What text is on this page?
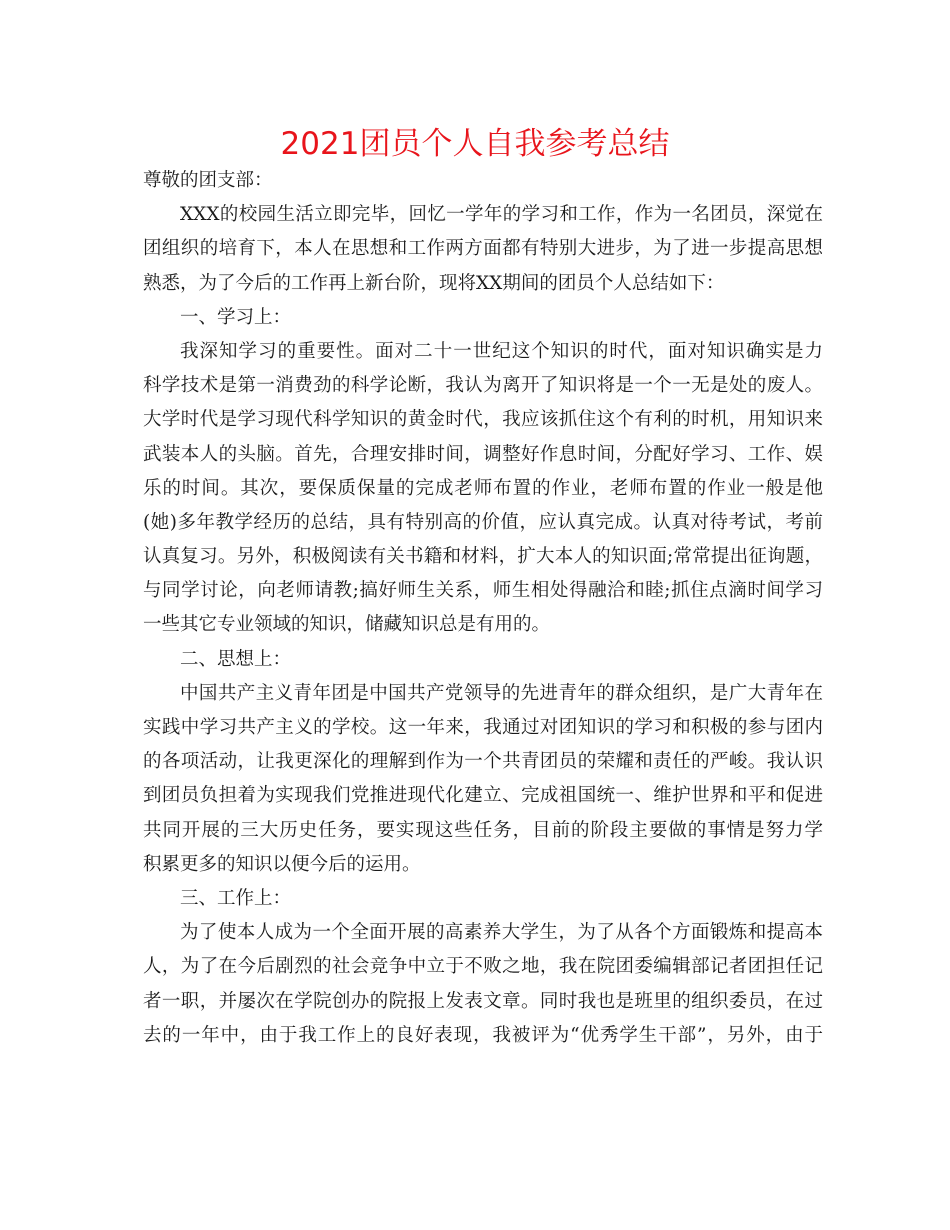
2021团员个人自我参考总结
尊敬的团支部：
XXX的校园生活立即完毕，回忆一学年的学习和工作，作为一名团员，深觉在
团组织的培育下，本人在思想和工作两方面都有特别大进步，为了进一步提高思想
熟悉，为了今后的工作再上新台阶，现将XX期间的团员个人总结如下：
一、学习上：
我深知学习的重要性。面对二十一世纪这个知识的时代，面对知识确实是力
科学技术是第一消费劲的科学论断，我认为离开了知识将是一个一无是处的废人。
大学时代是学习现代科学知识的黄金时代，我应该抓住这个有利的时机，用知识来
武装本人的头脑。首先，合理安排时间，调整好作息时间，分配好学习、工作、娱
乐的时间。其次，要保质保量的完成老师布置的作业，老师布置的作业一般是他
(她)多年教学经历的总结，具有特别高的价值，应认真完成。认真对待考试，考前
认真复习。另外，积极阅读有关书籍和材料，扩大本人的知识面;常常提出征询题，
与同学讨论，向老师请教;搞好师生关系，师生相处得融洽和睦;抓住点滴时间学习
一些其它专业领域的知识，储藏知识总是有用的。
二、思想上：
中国共产主义青年团是中国共产党领导的先进青年的群众组织，是广大青年在
实践中学习共产主义的学校。这一年来，我通过对团知识的学习和积极的参与团内
的各项活动，让我更深化的理解到作为一个共青团员的荣耀和责任的严峻。我认识
到团员负担着为实现我们党推进现代化建立、完成祖国统一、维护世界和平和促进
共同开展的三大历史任务，要实现这些任务，目前的阶段主要做的事情是努力学
积累更多的知识以便今后的运用。
三、工作上：
为了使本人成为一个全面开展的高素养大学生，为了从各个方面锻炼和提高本
人，为了在今后剧烈的社会竞争中立于不败之地，我在院团委编辑部记者团担任记
者一职，并屡次在学院创办的院报上发表文章。同时我也是班里的组织委员，在过
去的一年中，由于我工作上的良好表现，我被评为“优秀学生干部”，另外，由于
